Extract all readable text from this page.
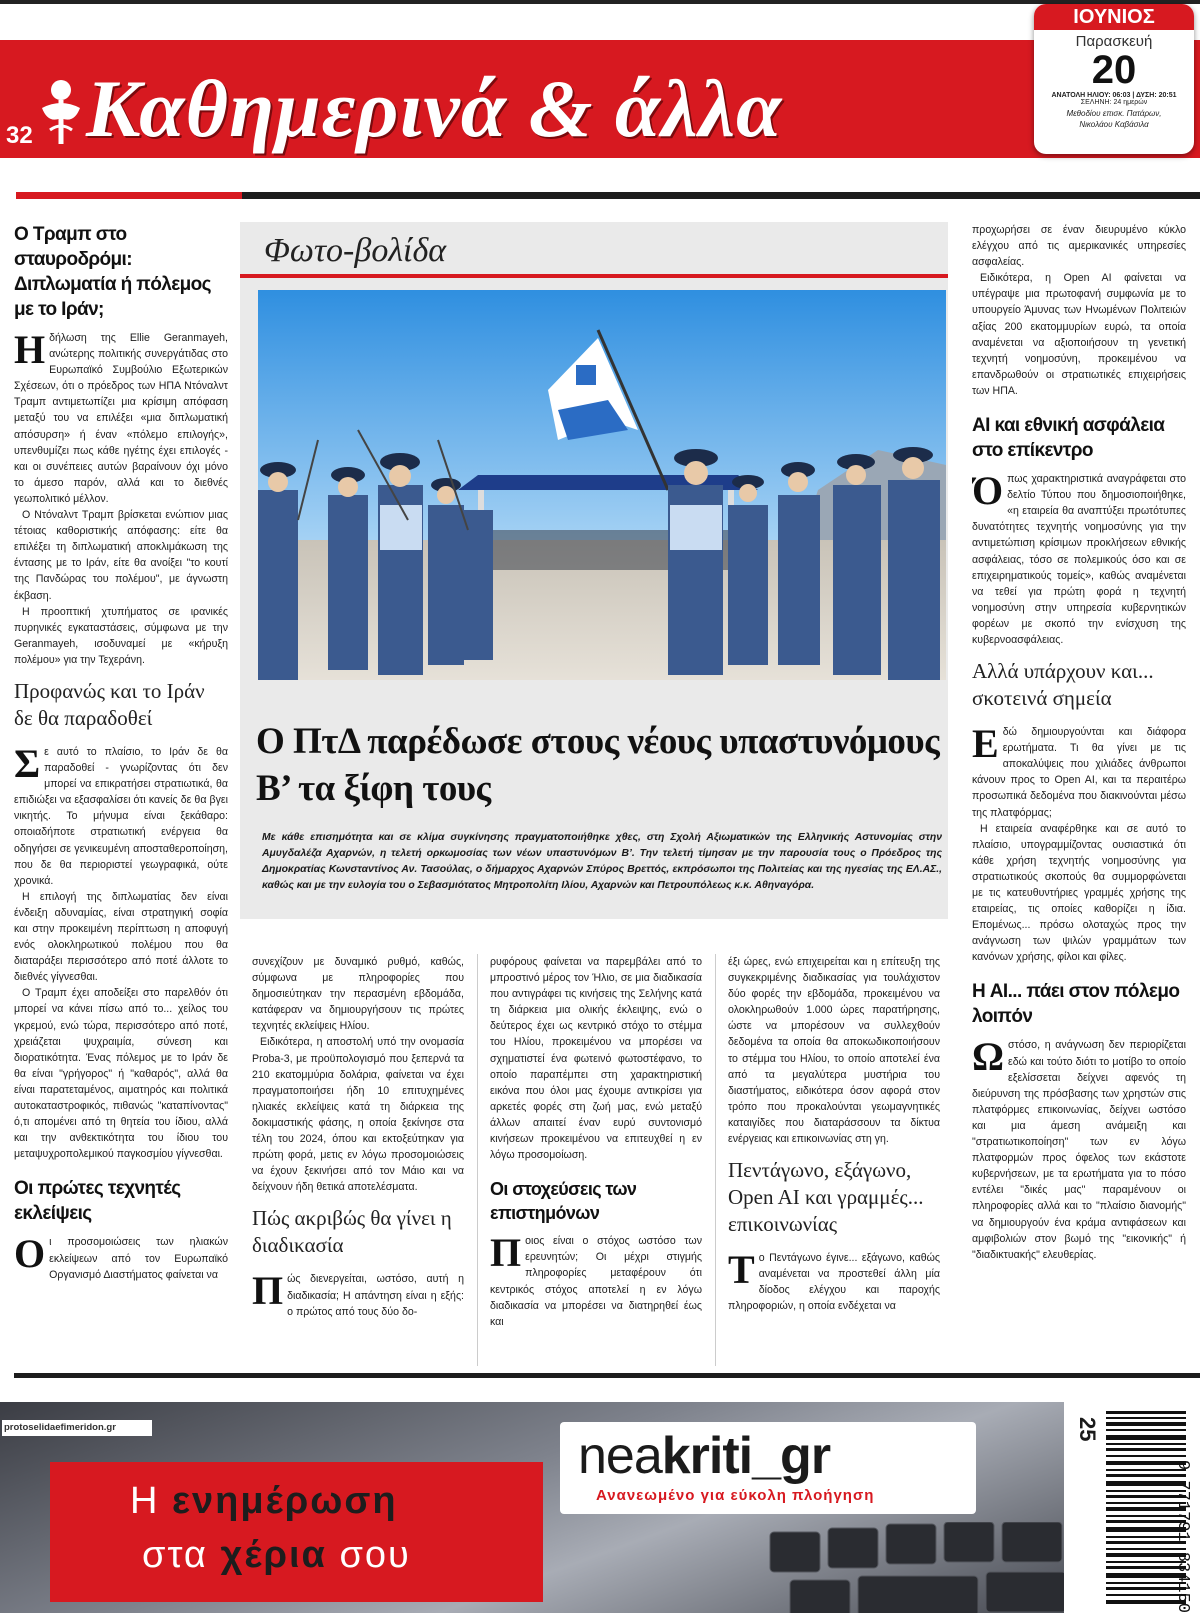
32 Καθημερινά & άλλα
ΙΟΥΝΙΟΣ
Παρασκευή
20
ΑΝΑΤΟΛΗ ΗΛΙΟΥ: 06:03 | ΔΥΣΗ: 20:51
ΣΕΛΗΝΗ: 24 ημερών
Μεθοδίου επισκ. Πατάρων,
Νικολάου Καβάσιλα
Ο Τραμπ στο σταυροδρόμι: Διπλωματία ή πόλεμος με το Ιράν;

Ηδήλωση της Ellie Geranmayeh, ανώτερης πολιτικής συνεργάτιδας στο Ευρωπαϊκό Συμβούλιο Εξωτερικών Σχέσεων, ότι ο πρόεδρος των ΗΠΑ Ντόναλντ Τραμπ αντιμετωπίζει μια κρίσιμη απόφαση μεταξύ του να επιλέξει «μια διπλωματική απόσυρση» ή έναν «πόλεμο επιλογής», υπενθυμίζει πως κάθε ηγέτης έχει επιλογές - και οι συνέπειες αυτών βαραίνουν όχι μόνο το άμεσο παρόν, αλλά και το διεθνές γεωπολιτικό μέλλον.

Ο Ντόναλντ Τραμπ βρίσκεται ενώπιον μιας τέτοιας καθοριστικής απόφασης: είτε θα επιλέξει τη διπλωματική αποκλιμάκωση της έντασης με το Ιράν, είτε θα ανοίξει "το κουτί της Πανδώρας του πολέμου", με άγνωστη έκβαση.

Η προοπτική χτυπήματος σε ιρανικές πυρηνικές εγκαταστάσεις, σύμφωνα με την Geranmayeh, ισοδυναμεί με «κήρυξη πολέμου» για την Τεχεράνη.

Προφανώς και το Ιράν δε θα παραδοθεί

Σε αυτό το πλαίσιο, το Ιράν δε θα παραδοθεί - γνωρίζοντας ότι δεν μπορεί να επικρατήσει στρατιωτικά, θα επιδιώξει να εξασφαλίσει ότι κανείς δε θα βγει νικητής. Το μήνυμα είναι ξεκάθαρο: οποιαδήποτε στρατιωτική ενέργεια θα οδηγήσει σε γενικευμένη αποσταθεροποίηση, που δε θα περιοριστεί γεωγραφικά, ούτε χρονικά.

Η επιλογή της διπλωματίας δεν είναι ένδειξη αδυναμίας, είναι στρατηγική σοφία και στην προκειμένη περίπτωση η αποφυγή ενός ολοκληρωτικού πολέμου που θα διαταράξει περισσότερο από ποτέ άλλοτε το διεθνές γίγνεσθαι.

Ο Τραμπ έχει αποδείξει στο παρελθόν ότι μπορεί να κάνει πίσω από το... χείλος του γκρεμού, ενώ τώρα, περισσότερο από ποτέ, χρειάζεται ψυχραιμία, σύνεση και διορατικότητα. Ένας πόλεμος με το Ιράν δε θα είναι "γρήγορος" ή "καθαρός", αλλά θα είναι παρατεταμένος, αιματηρός και πολιτικά αυτοκαταστροφικός, πιθανώς "καταπίνοντας" ό,τι απομένει από τη θητεία του ίδιου, αλλά και την ανθεκτικότητα του ίδιου του μεταψυχροπολεμικού παγκοσμίου γίγνεσθαι.

Οι πρώτες τεχνητές εκλείψεις

Οι προσομοιώσεις των ηλιακών εκλείψεων από τον Ευρωπαϊκό Οργανισμό Διαστήματος φαίνεται να

Φωτο-βολίδα
Ο ΠτΔ παρέδωσε στους νέους υπαστυνόμους Β’ τα ξίφη τους
Με κάθε επισημότητα και σε κλίμα συγκίνησης πραγματοποιήθηκε χθες, στη Σχολή Αξιωματικών της Ελληνικής Αστυνομίας στην Αμυγδαλέζα Αχαρνών, η τελετή ορκωμοσίας των νέων υπαστυνόμων Β’. Την τελετή τίμησαν με την παρουσία τους ο Πρόεδρος της Δημοκρατίας Κωνσταντίνος Αν. Τασούλας, ο δήμαρχος Αχαρνών Σπύρος Βρεττός, εκπρόσωποι της Πολιτείας και της ηγεσίας της ΕΛ.ΑΣ., καθώς και με την ευλογία του ο Σεβασμιότατος Μητροπολίτη Ιλίου, Αχαρνών και Πετρουπόλεως κ.κ. Αθηναγόρα.

συνεχίζουν με δυναμικό ρυθμό, καθώς, σύμφωνα με πληροφορίες που δημοσιεύτηκαν την περασμένη εβδομάδα, κατάφεραν να δημιουργήσουν τις πρώτες τεχνητές εκλείψεις Ηλίου.

Ειδικότερα, η αποστολή υπό την ονομασία Proba-3, με προϋπολογισμό που ξεπερνά τα 210 εκατομμύρια δολάρια, φαίνεται να έχει πραγματοποιήσει ήδη 10 επιτυχημένες ηλιακές εκλείψεις κατά τη διάρκεια της δοκιμαστικής φάσης, η οποία ξεκίνησε στα τέλη του 2024, όπου και εκτοξεύτηκαν για πρώτη φορά, μετις εν λόγω προσομοιώσεις να έχουν ξεκινήσει από τον Μάιο και να δείχνουν ήδη θετικά αποτελέσματα.

Πώς ακριβώς θα γίνει η διαδικασία

Πώς διενεργείται, ωστόσο, αυτή η διαδικασία; Η απάντηση είναι η εξής: ο πρώτος από τους δύο δο-

ρυφόρους φαίνεται να παρεμβάλει από το μπροστινό μέρος τον Ήλιο, σε μια διαδικασία που αντιγράφει τις κινήσεις της Σελήνης κατά τη διάρκεια μια ολικής έκλειψης, ενώ ο δεύτερος έχει ως κεντρικό στόχο το στέμμα του Ηλίου, προκειμένου να μπορέσει να σχηματιστεί ένα φωτεινό φωτοστέφανο, το οποίο παραπέμπει στη χαρακτηριστική εικόνα που όλοι μας έχουμε αντικρίσει για αρκετές φορές στη ζωή μας, ενώ μεταξύ άλλων απαιτεί έναν ευρύ συντονισμό κινήσεων προκειμένου να επιτευχθεί η εν λόγω προσομοίωση.

Οι στοχεύσεις των επιστημόνων

Ποιος είναι ο στόχος ωστόσο των ερευνητών; Οι μέχρι στιγμής πληροφορίες μεταφέρουν ότι κεντρικός στόχος αποτελεί η εν λόγω διαδικασία να μπορέσει να διατηρηθεί έως και

έξι ώρες, ενώ επιχειρείται και η επίτευξη της συγκεκριμένης διαδικασίας για τουλάχιστον δύο φορές την εβδομάδα, προκειμένου να ολοκληρωθούν 1.000 ώρες παρατήρησης, ώστε να μπορέσουν να συλλεχθούν δεδομένα τα οποία θα αποκωδικοποιήσουν το στέμμα του Ηλίου, το οποίο αποτελεί ένα από τα μεγαλύτερα μυστήρια του διαστήματος, ειδικότερα όσον αφορά στον τρόπο που προκαλούνται γεωμαγνητικές καταιγίδες που διαταράσσουν τα δίκτυα ενέργειας και επικοινωνίας στη γη.

Πεντάγωνο, εξάγωνο, Open AI και γραμμές... επικοινωνίας

Το Πεντάγωνο έγινε... εξάγωνο, καθώς αναμένεται να προστεθεί άλλη μία δίοδος ελέγχου και παροχής πληροφοριών, η οποία ενδέχεται να

προχωρήσει σε έναν διευρυμένο κύκλο ελέγχου από τις αμερικανικές υπηρεσίες ασφαλείας.

Ειδικότερα, η Open AI φαίνεται να υπέγραψε μια πρωτοφανή συμφωνία με το υπουργείο Άμυνας των Ηνωμένων Πολιτειών αξίας 200 εκατομμυρίων ευρώ, τα οποία αναμένεται να αξιοποιήσουν τη γενετική τεχνητή νοημοσύνη, προκειμένου να επανδρωθούν οι στρατιωτικές επιχειρήσεις των ΗΠΑ.

AI και εθνική ασφάλεια στο επίκεντρο

Όπως χαρακτηριστικά αναγράφεται στο δελτίο Τύπου που δημοσιοποιήθηκε, «η εταιρεία θα αναπτύξει πρωτότυπες δυνατότητες τεχνητής νοημοσύνης για την αντιμετώπιση κρίσιμων προκλήσεων εθνικής ασφάλειας, τόσο σε πολεμικούς όσο και σε επιχειρηματικούς τομείς», καθώς αναμένεται να τεθεί για πρώτη φορά η τεχνητή νοημοσύνη στην υπηρεσία κυβερνητικών φορέων με σκοπό την ενίσχυση της κυβερνοασφάλειας.

Αλλά υπάρχουν και... σκοτεινά σημεία

Εδώ δημιουργούνται και διάφορα ερωτήματα. Τι θα γίνει με τις αποκαλύψεις που χιλιάδες άνθρωποι κάνουν προς το Open AI, και τα περαιτέρω προσωπικά δεδομένα που διακινούνται μέσω της πλατφόρμας;

Η εταιρεία αναφέρθηκε και σε αυτό το πλαίσιο, υπογραμμίζοντας ουσιαστικά ότι κάθε χρήση τεχνητής νοημοσύνης για στρατιωτικούς σκοπούς θα συμμορφώνεται με τις κατευθυντήριες γραμμές χρήσης της εταιρείας, τις οποίες καθορίζει η ίδια. Επομένως... πρόσω ολοταχώς προς την ανάγνωση των ψιλών γραμμάτων των κανόνων χρήσης, φίλοι και φίλες.

Η AI... πάει στον πόλεμο λοιπόν

Ωστόσο, η ανάγνωση δεν περιορίζεται εδώ και τούτο διότι το μοτίβο το οποίο εξελίσσεται δείχνει αφενός τη διεύρυνση της πρόσβασης των χρηστών στις πλατφόρμες επικοινωνίας, δείχνει ωστόσο και μια άμεση ανάμειξη και "στρατιωτικοποίηση" των εν λόγω πλατφορμών προς όφελος των εκάστοτε κυβερνήσεων, με τα ερωτήματα για το πόσο εντέλει "δικές μας" παραμένουν οι πληροφορίες αλλά και το "πλαίσιο διανομής" να δημιουργούν ένα κράμα αντιφάσεων και αμφιβολιών στον βωμό της "εικονικής" ή "διαδικτυακής" ελευθερίας.

protoselidaefimeridon.gr
Η ενημέρωση
στα χέρια σου
neakriti_gr
Ανανεωμένο για εύκολη πλοήγηση
25
9 771791 834150
